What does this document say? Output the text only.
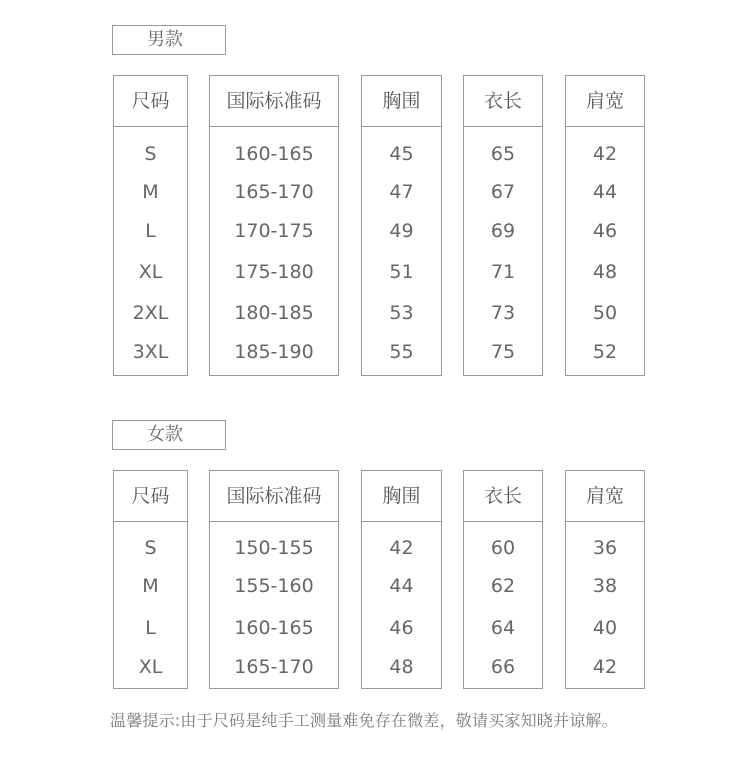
男款
尺码
S
M
L
XL
2XL
3XL
国际标准码
160-165
165-170
170-175
175-180
180-185
185-190
胸围
45
47
49
51
53
55
衣长
65
67
69
71
73
75
肩宽
42
44
46
48
50
52
女款
尺码
S
M
L
XL
国际标准码
150-155
155-160
160-165
165-170
胸围
42
44
46
48
衣长
60
62
64
66
肩宽
36
38
40
42
温馨提示:由于尺码是纯手工测量难免存在微差，敬请买家知晓并谅解。
